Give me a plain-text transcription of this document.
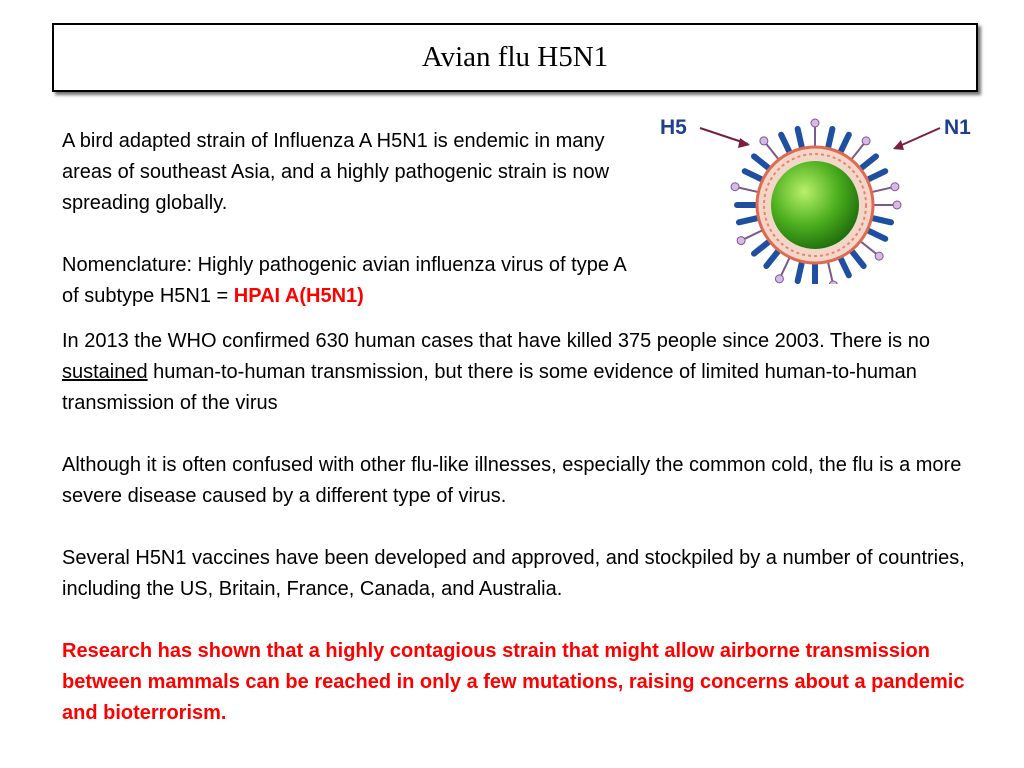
Avian flu H5N1

A bird adapted strain of Influenza A H5N1 is endemic in many areas of southeast Asia, and a highly pathogenic strain is now spreading globally.

Nomenclature: Highly pathogenic avian influenza virus of type A of subtype H5N1 = HPAI A(H5N1)

H5	N1

In 2013 the WHO confirmed 630 human cases that have killed 375 people since 2003. There is no sustained human-to-human transmission, but there is some evidence of limited human-to-human transmission of the virus

Although it is often confused with other flu-like illnesses, especially the common cold, the flu is a more severe disease caused by a different type of virus.

Several H5N1 vaccines have been developed and approved, and stockpiled by a number of countries, including the US, Britain, France, Canada, and Australia.

Research has shown that a highly contagious strain that might allow airborne transmission between mammals can be reached in only a few mutations, raising concerns about a pandemic and bioterrorism.
